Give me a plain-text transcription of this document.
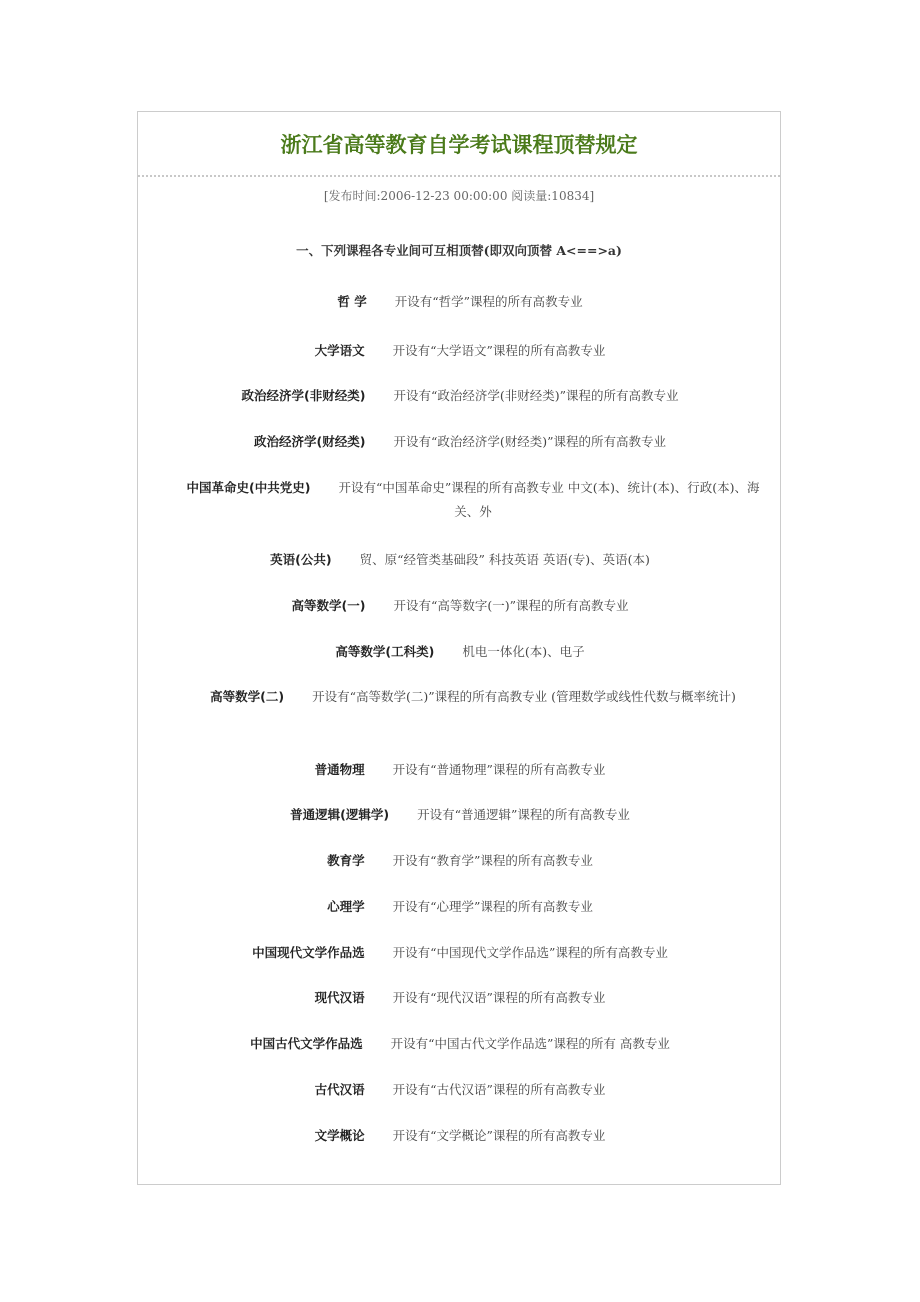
浙江省高等教育自学考试课程顶替规定
[发布时间:2006-12-23 00:00:00 阅读量:10834]
一、下列课程各专业间可互相顶替(即双向顶替 A<==>a)
哲 学 开设有“哲学”课程的所有高教专业
大学语文 开设有“大学语文”课程的所有高教专业
政治经济学(非财经类) 开设有“政治经济学(非财经类)”课程的所有高教专业
政治经济学(财经类) 开设有“政治经济学(财经类)”课程的所有高教专业
中国革命史(中共党史) 开设有“中国革命史”课程的所有高教专业 中文(本)、统计(本)、行政(本)、海关、外
英语(公共) 贸、原“经管类基础段” 科技英语 英语(专)、英语(本)
高等数学(一) 开设有“高等数字(一)”课程的所有高教专业
高等数学(工科类) 机电一体化(本)、电子
高等数学(二) 开设有“高等数学(二)”课程的所有高教专业 (管理数学或线性代数与概率统计)
普通物理 开设有“普通物理”课程的所有高教专业
普通逻辑(逻辑学) 开设有“普通逻辑”课程的所有高教专业
教育学 开设有“教育学”课程的所有高教专业
心理学 开设有“心理学”课程的所有高教专业
中国现代文学作品选 开设有“中国现代文学作品选”课程的所有高教专业
现代汉语 开设有“现代汉语”课程的所有高教专业
中国古代文学作品选 开设有“中国古代文学作品选”课程的所有 高教专业
古代汉语 开设有“古代汉语”课程的所有高教专业
文学概论 开设有“文学概论”课程的所有高教专业
